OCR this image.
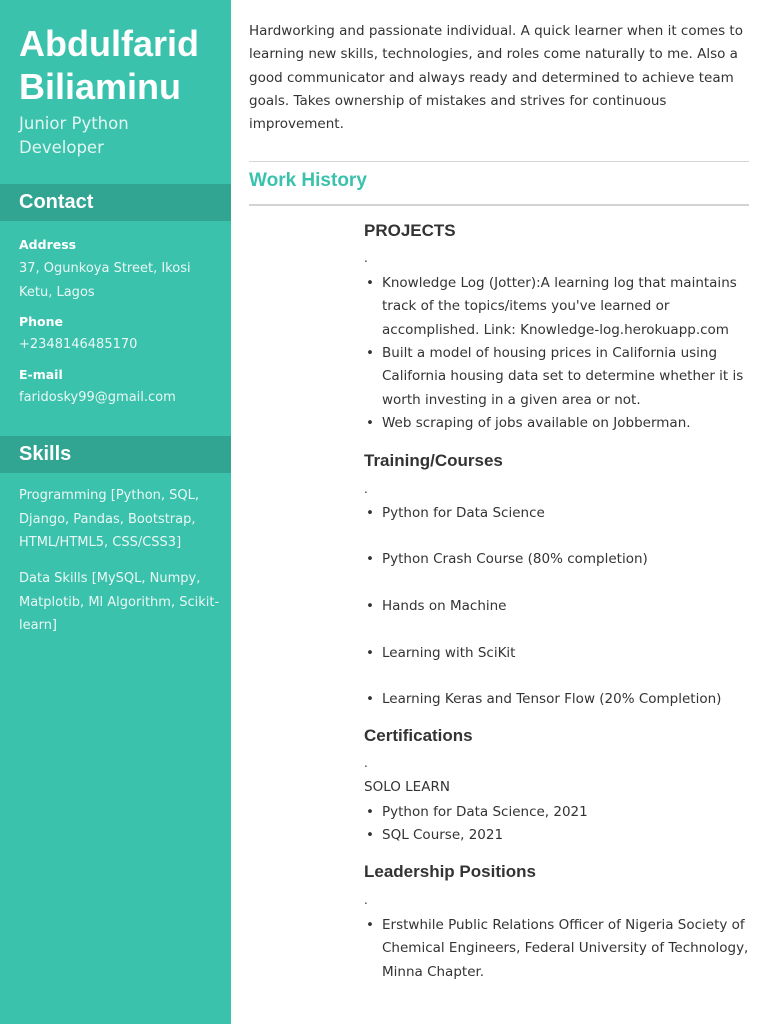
Abdulfarid
Biliaminu
Junior Python
Developer
Contact
Address
37, Ogunkoya Street, Ikosi
Ketu, Lagos
Phone
+2348146485170
E-mail
faridosky99@gmail.com
Skills
Programming [Python, SQL, Django, Pandas, Bootstrap, HTML/HTML5, CSS/CSS3]
Data Skills [MySQL, Numpy, Matplotib, Ml Algorithm, Scikit-learn]
Hardworking and passionate individual. A quick learner when it comes to learning new skills, technologies, and roles come naturally to me. Also a good communicator and always ready and determined to achieve team goals. Takes ownership of mistakes and strives for continuous improvement.
Work History
PROJECTS
.
• Knowledge Log (Jotter):A learning log that maintains track of the topics/items you've learned or accomplished. Link: Knowledge-log.herokuapp.com
• Built a model of housing prices in California using California housing data set to determine whether it is worth investing in a given area or not.
• Web scraping of jobs available on Jobberman.
Training/Courses
.
• Python for Data Science
• Python Crash Course (80% completion)
• Hands on Machine
• Learning with SciKit
• Learning Keras and Tensor Flow (20% Completion)
Certifications
.
SOLO LEARN
• Python for Data Science, 2021
• SQL Course, 2021
Leadership Positions
.
• Erstwhile Public Relations Officer of Nigeria Society of Chemical Engineers, Federal University of Technology, Minna Chapter.
